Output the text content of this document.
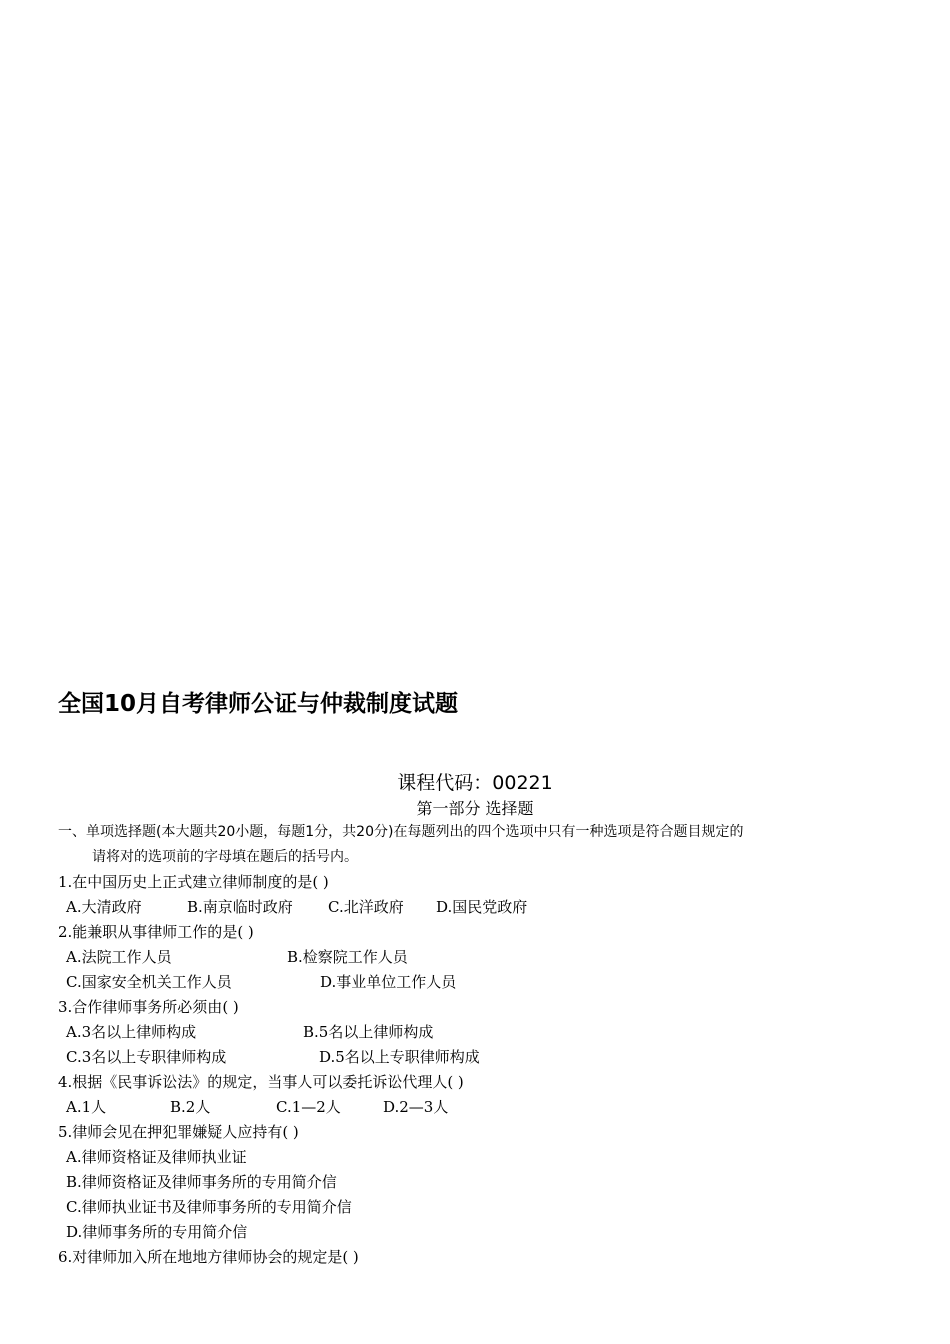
全国10月自考律师公证与仲裁制度试题
课程代码：00221
第一部分 选择题
一、单项选择题(本大题共20小题，每题1分，共20分)在每题列出的四个选项中只有一种选项是符合题目规定的
请将对的选项前的字母填在题后的括号内。
1.在中国历史上正式建立律师制度的是( )
A.大清政府	B.南京临时政府 C.北洋政府 D.国民党政府
2.能兼职从事律师工作的是( )
A.法院工作人员	B.检察院工作人员
C.国家安全机关工作人员	D.事业单位工作人员
3.合作律师事务所必须由( )
A.3名以上律师构成	B.5名以上律师构成
C.3名以上专职律师构成	D.5名以上专职律师构成
4.根据《民事诉讼法》的规定，当事人可以委托诉讼代理人( )
A.1人	B.2人	C.1—2人	D.2—3人
5.律师会见在押犯罪嫌疑人应持有( )
A.律师资格证及律师执业证
B.律师资格证及律师事务所的专用简介信
C.律师执业证书及律师事务所的专用简介信
D.律师事务所的专用简介信
6.对律师加入所在地地方律师协会的规定是( )
